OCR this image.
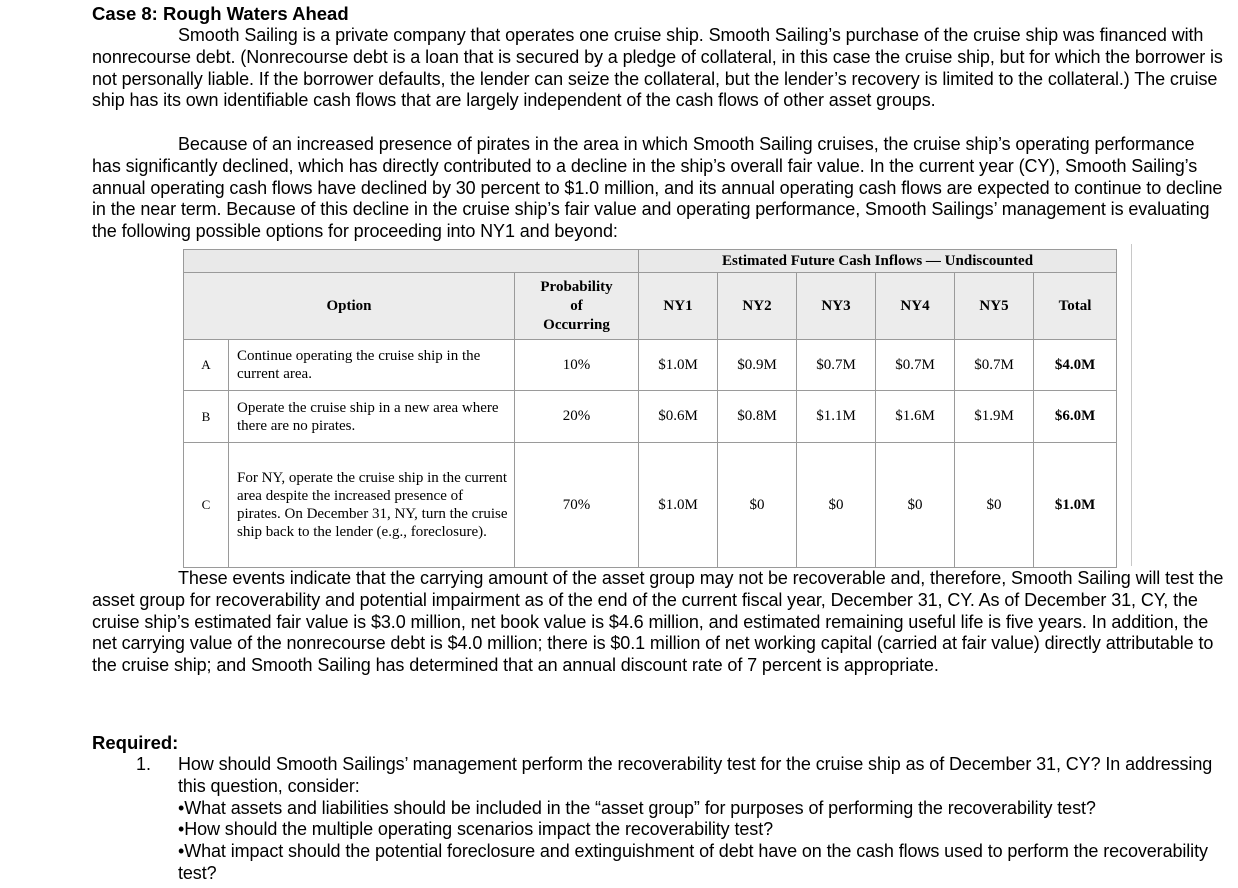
Case 8: Rough Waters Ahead
Smooth Sailing is a private company that operates one cruise ship. Smooth Sailing’s purchase of the cruise ship was financed with nonrecourse debt. (Nonrecourse debt is a loan that is secured by a pledge of collateral, in this case the cruise ship, but for which the borrower is not personally liable. If the borrower defaults, the lender can seize the collateral, but the lender’s recovery is limited to the collateral.) The cruise ship has its own identifiable cash flows that are largely independent of the cash flows of other asset groups.
Because of an increased presence of pirates in the area in which Smooth Sailing cruises, the cruise ship’s operating performance has significantly declined, which has directly contributed to a decline in the ship’s overall fair value. In the current year (CY), Smooth Sailing’s annual operating cash flows have declined by 30 percent to $1.0 million, and its annual operating cash flows are expected to continue to decline in the near term. Because of this decline in the cruise ship’s fair value and operating performance, Smooth Sailings’ management is evaluating the following possible options for proceeding into NY1 and beyond:
			Estimated Future Cash Inflows — Undiscounted					
Option		Probability
of
Occurring	NY1	NY2	NY3	NY4	NY5	Total
A	Continue operating the cruise ship in the current area.	10%	$1.0M	$0.9M	$0.7M	$0.7M	$0.7M	$4.0M
B	Operate the cruise ship in a new area where there are no pirates.	20%	$0.6M	$0.8M	$1.1M	$1.6M	$1.9M	$6.0M
C	For NY, operate the cruise ship in the current area despite the increased presence of pirates. On December 31, NY, turn the cruise ship back to the lender (e.g., foreclosure).	70%	$1.0M	$0	$0	$0	$0	$1.0M
These events indicate that the carrying amount of the asset group may not be recoverable and, therefore, Smooth Sailing will test the asset group for recoverability and potential impairment as of the end of the current fiscal year, December 31, CY. As of December 31, CY, the cruise ship’s estimated fair value is $3.0 million, net book value is $4.6 million, and estimated remaining useful life is five years. In addition, the net carrying value of the nonrecourse debt is $4.0 million; there is $0.1 million of net working capital (carried at fair value) directly attributable to the cruise ship; and Smooth Sailing has determined that an annual discount rate of 7 percent is appropriate.
Required:
1. How should Smooth Sailings’ management perform the recoverability test for the cruise ship as of December 31, CY? In addressing this question, consider:
•What assets and liabilities should be included in the “asset group” for purposes of performing the recoverability test?
•How should the multiple operating scenarios impact the recoverability test?
•What impact should the potential foreclosure and extinguishment of debt have on the cash flows used to perform the recoverability test?
